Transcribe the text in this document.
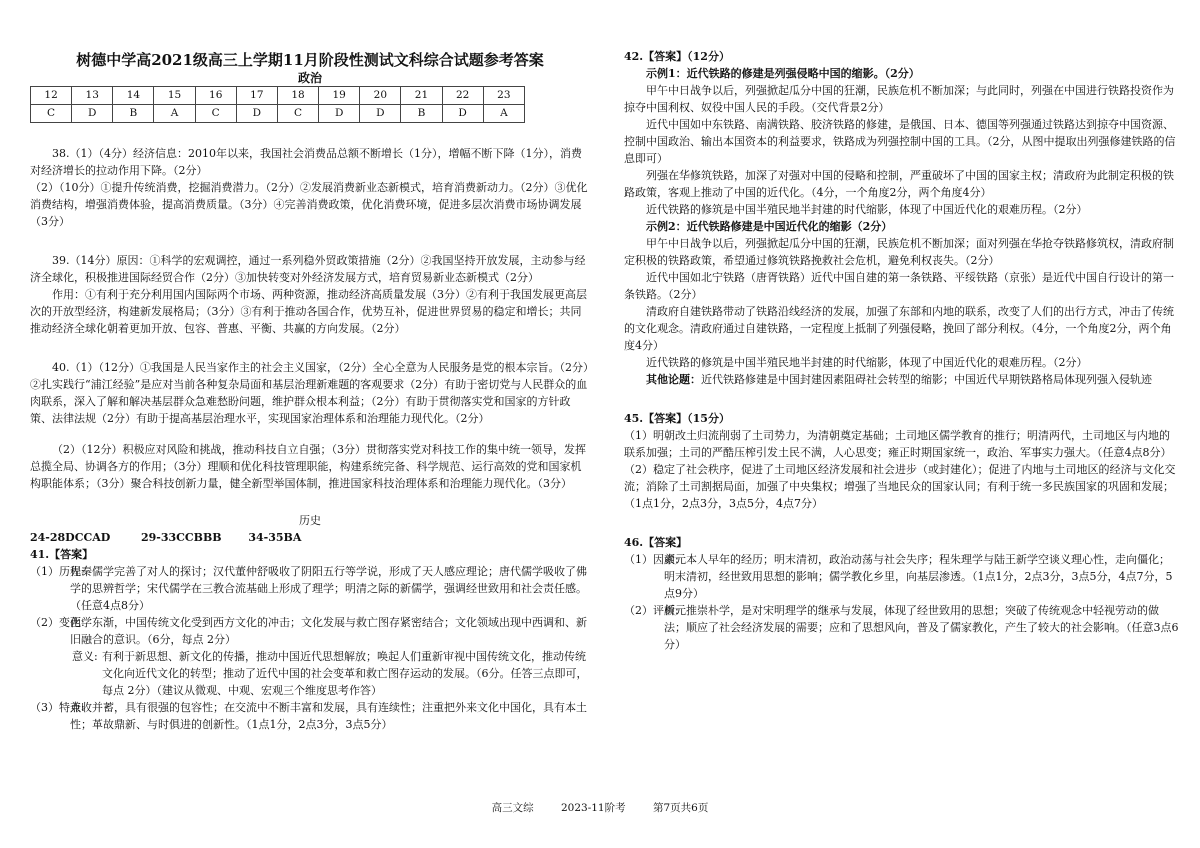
树德中学高2021级高三上学期11月阶段性测试文科综合试题参考答案
政治
12	13	14	15	16	17	18	19	20	21	22	23
C	D	B	A	C	D	C	D	D	B	D	A

38.（1）（4分）经济信息：2010年以来，我国社会消费品总额不断增长（1分），增幅不断下降（1分），消费对经济增长的拉动作用下降。（2分）

（2）（10分）①提升传统消费，挖掘消费潜力。（2分）②发展消费新业态新模式，培育消费新动力。（2分）③优化消费结构，增强消费体验，提高消费质量。（3分）④完善消费政策，优化消费环境，促进多层次消费市场协调发展（3分）

39.（14分）原因：①科学的宏观调控，通过一系列稳外贸政策措施（2分）②我国坚持开放发展，主动参与经济全球化，积极推进国际经贸合作（2分）③加快转变对外经济发展方式，培育贸易新业态新模式（2分）

作用：①有利于充分利用国内国际两个市场、两种资源，推动经济高质量发展（3分）②有利于我国发展更高层次的开放型经济，构建新发展格局；（3分）③有利于推动各国合作，优势互补，促进世界贸易的稳定和增长；共同推动经济全球化朝着更加开放、包容、普惠、平衡、共赢的方向发展。（2分）

40.（1）（12分）①我国是人民当家作主的社会主义国家，（2分）全心全意为人民服务是党的根本宗旨。（2分）②扎实践行“浦江经验”是应对当前各种复杂局面和基层治理新难题的客观要求（2分）有助于密切党与人民群众的血肉联系，深入了解和解决基层群众急难愁盼问题，维护群众根本利益；（2分）有助于贯彻落实党和国家的方针政策、法律法规（2分）有助于提高基层治理水平，实现国家治理体系和治理能力现代化。（2分）

（2）（12分）积极应对风险和挑战，推动科技自立自强；（3分）贯彻落实党对科技工作的集中统一领导，发挥总揽全局、协调各方的作用；（3分）理顺和优化科技管理职能，构建系统完备、科学规范、运行高效的党和国家机构职能体系；（3分）聚合科技创新力量，健全新型举国体制，推进国家科技治理体系和治理能力现代化。（3分）

历史

24-28DCCAD	29-33CCBBB 34-35BA

41.【答案】

（1）历程:
先秦儒学完善了对人的探讨；汉代董仲舒吸收了阴阳五行等学说，形成了天人感应理论；唐代儒学吸收了佛学的思辨哲学；宋代儒学在三教合流基础上形成了理学；明清之际的新儒学，强调经世致用和社会责任感。（任意4点8分）
（2）变化:
西学东渐，中国传统文化受到西方文化的冲击；文化发展与救亡图存紧密结合；文化领域出现中西调和、新旧融合的意识。（6分，每点 2分）
意义: 有利于新思想、新文化的传播，推动中国近代思想解放；唤起人们重新审视中国传统文化，推动传统文化向近代文化的转型；推动了近代中国的社会变革和救亡图存运动的发展。（6分。任答三点即可，每点 2分）（建议从微观、中观、宏观三个维度思考作答）
（3）特点:
兼收并蓄，具有很强的包容性；在交流中不断丰富和发展，具有连续性；注重把外来文化中国化，具有本土性；革故鼎新、与时俱进的创新性。（1点1分，2点3分，3点5分）

42.【答案】（12分）

示例1：近代铁路的修建是列强侵略中国的缩影。（2分）

甲午中日战争以后，列强掀起瓜分中国的狂潮，民族危机不断加深；与此同时，列强在中国进行铁路投资作为掠夺中国利权、奴役中国人民的手段。（交代背景2分）

近代中国如中东铁路、南满铁路、胶济铁路的修建，是俄国、日本、德国等列强通过铁路达到掠夺中国资源、控制中国政治、输出本国资本的利益要求，铁路成为列强控制中国的工具。（2分，从图中提取出列强修建铁路的信息即可）

列强在华修筑铁路，加深了对强对中国的侵略和控制，严重破坏了中国的国家主权；清政府为此制定积极的铁路政策，客观上推动了中国的近代化。（4分，一个角度2分，两个角度4分）

近代铁路的修筑是中国半殖民地半封建的时代缩影，体现了中国近代化的艰难历程。（2分）

示例2：近代铁路修建是中国近代化的缩影（2分）

甲午中日战争以后，列强掀起瓜分中国的狂潮，民族危机不断加深；面对列强在华抢夺铁路修筑权，清政府制定积极的铁路政策，希望通过修筑铁路挽救社会危机，避免利权丧失。（2分）

近代中国如北宁铁路（唐胥铁路）近代中国自建的第一条铁路、平绥铁路（京张）是近代中国自行设计的第一条铁路。（2分）

清政府自建铁路带动了铁路沿线经济的发展，加强了东部和内地的联系，改变了人们的出行方式，冲击了传统的文化观念。清政府通过自建铁路，一定程度上抵制了列强侵略，挽回了部分利权。（4分，一个角度2分，两个角度4分）

近代铁路的修筑是中国半殖民地半封建的时代缩影，体现了中国近代化的艰难历程。（2分）

其他论题：近代铁路修建是中国封建因素阻碍社会转型的缩影；中国近代早期铁路格局体现列强入侵轨迹

45.【答案】（15分）

（1）明朝改土归流削弱了土司势力，为清朝奠定基础；土司地区儒学教育的推行；明清两代，土司地区与内地的联系加强；土司的严酷压榨引发土民不满，人心思变；雍正时期国家统一，政治、军事实力强大。（任意4点8分）

（2）稳定了社会秩序，促进了土司地区经济发展和社会进步（或封建化）；促进了内地与土司地区的经济与文化交流；消除了土司割据局面，加强了中央集权；增强了当地民众的国家认同；有利于统一多民族国家的巩固和发展；（1点1分，2点3分，3点5分，4点7分）

46.【答案】

（1）因素:
颜元本人早年的经历；明末清初，政治动荡与社会失序；程朱理学与陆王新学空谈义理心性，走向僵化；明末清初，经世致用思想的影响；儒学教化乡里，向基层渗透。（1点1分，2点3分，3点5分，4点7分，5点9分）
（2）评析:
颜元推崇朴学，是对宋明理学的继承与发展，体现了经世致用的思想；突破了传统观念中轻视劳动的做法；顺应了社会经济发展的需要；应和了思想风向，普及了儒家教化，产生了较大的社会影响。（任意3点6分）
高三文综	2023-11阶考	第7页共6页
